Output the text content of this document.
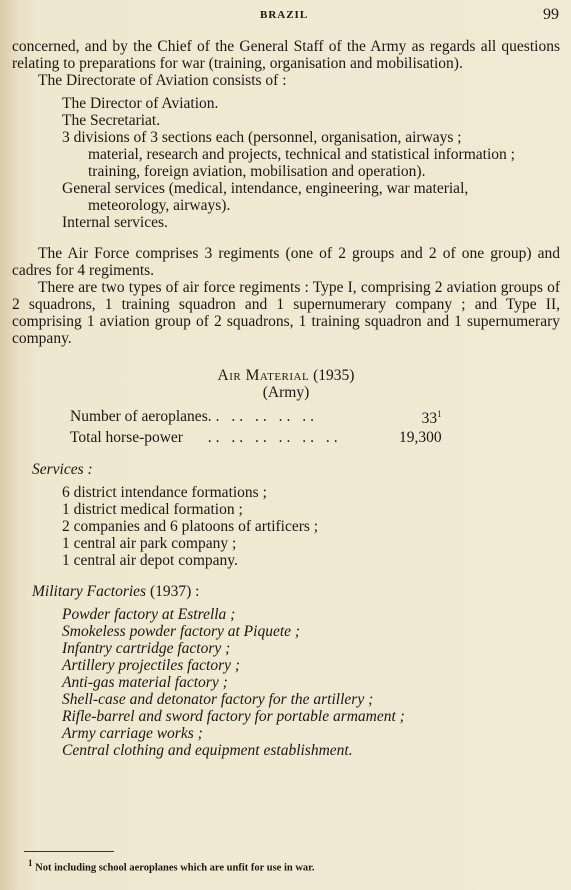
BRAZIL	99

concerned, and by the Chief of the General Staff of the Army as regards all questions relating to preparations for war (training, organisation and mobilisation).

The Directorate of Aviation consists of :

The Director of Aviation.
The Secretariat.
3 divisions of 3 sections each (personnel, organisation, airways ;
material, research and projects, technical and statistical information ; training, foreign aviation, mobilisation and operation).
General services (medical, intendance, engineering, war material,
meteorology, airways).
Internal services.

The Air Force comprises 3 regiments (one of 2 groups and 2 of one group) and cadres for 4 regiments.

There are two types of air force regiments : Type I, comprising 2 aviation groups of 2 squadrons, 1 training squadron and 1 supernumerary company ; and Type II, comprising 1 aviation group of 2 squadrons, 1 training squadron and 1 supernumerary company.

Air Material (1935)
(Army)
Number of aeroplanes	.. .. .. .. ..	$33^1$
Total horse-power	.. .. .. .. .. ..	19,300
Services :
6 district intendance formations ;
1 district medical formation ;
2 companies and 6 platoons of artificers ;
1 central air park company ;
1 central air depot company.
Military Factories (1937) :
Powder factory at Estrella ;
Smokeless powder factory at Piquete ;
Infantry cartridge factory ;
Artillery projectiles factory ;
Anti-gas material factory ;
Shell-case and detonator factory for the artillery ;
Rifle-barrel and sword factory for portable armament ;
Army carriage works ;
Central clothing and equipment establishment.
$^1$ Not including school aeroplanes which are unfit for use in war.
